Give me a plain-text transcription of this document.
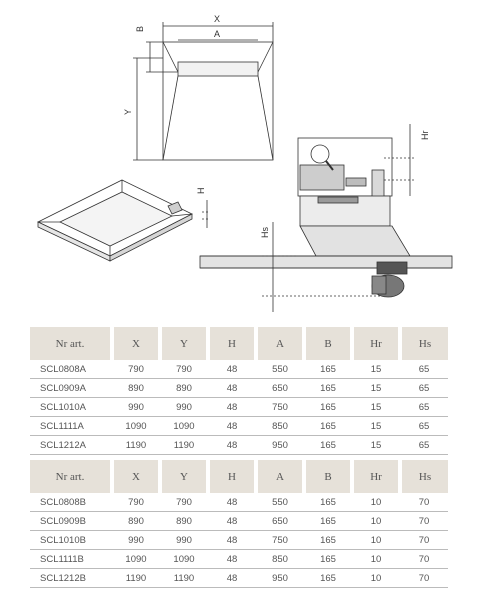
X
A
B
Y
H
Hr
Hs
Nr art.	X	Y	H	A	B	Hr	Hs
SCL0808A	790	790	48	550	165	15	65
SCL0909A	890	890	48	650	165	15	65
SCL1010A	990	990	48	750	165	15	65
SCL1111A	1090	1090	48	850	165	15	65
SCL1212A	1190	1190	48	950	165	15	65
Nr art.	X	Y	H	A	B	Hr	Hs
SCL0808B	790	790	48	550	165	10	70
SCL0909B	890	890	48	650	165	10	70
SCL1010B	990	990	48	750	165	10	70
SCL1111B	1090	1090	48	850	165	10	70
SCL1212B	1190	1190	48	950	165	10	70
